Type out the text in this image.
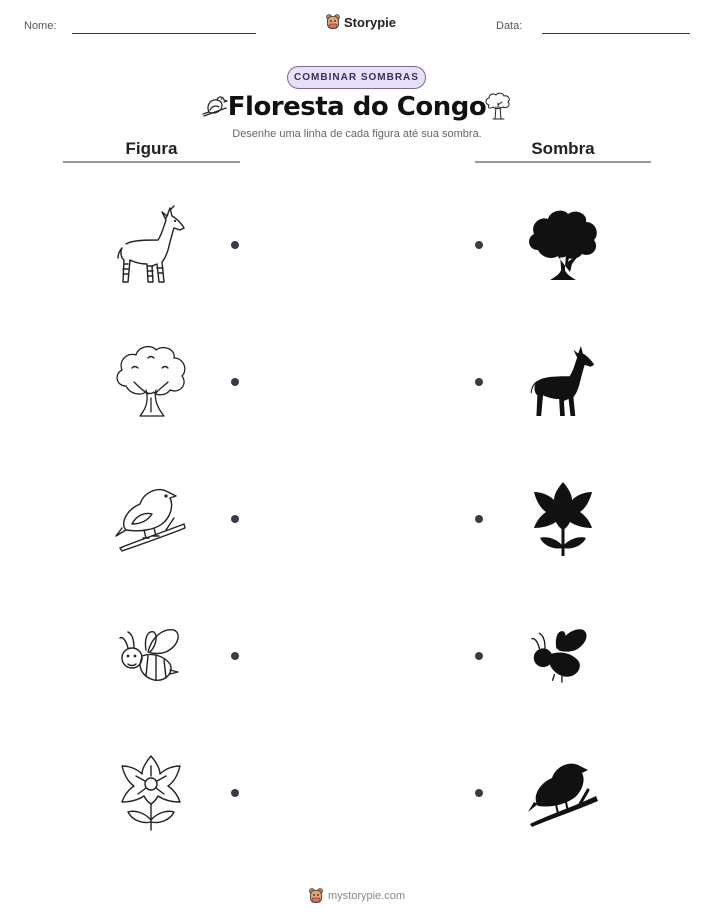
Nome:	Storypie	Data:
COMBINAR SOMBRAS
Floresta do Congo
Desenhe uma linha de cada figura até sua sombra.
Figura	Sombra
mystorypie.com
